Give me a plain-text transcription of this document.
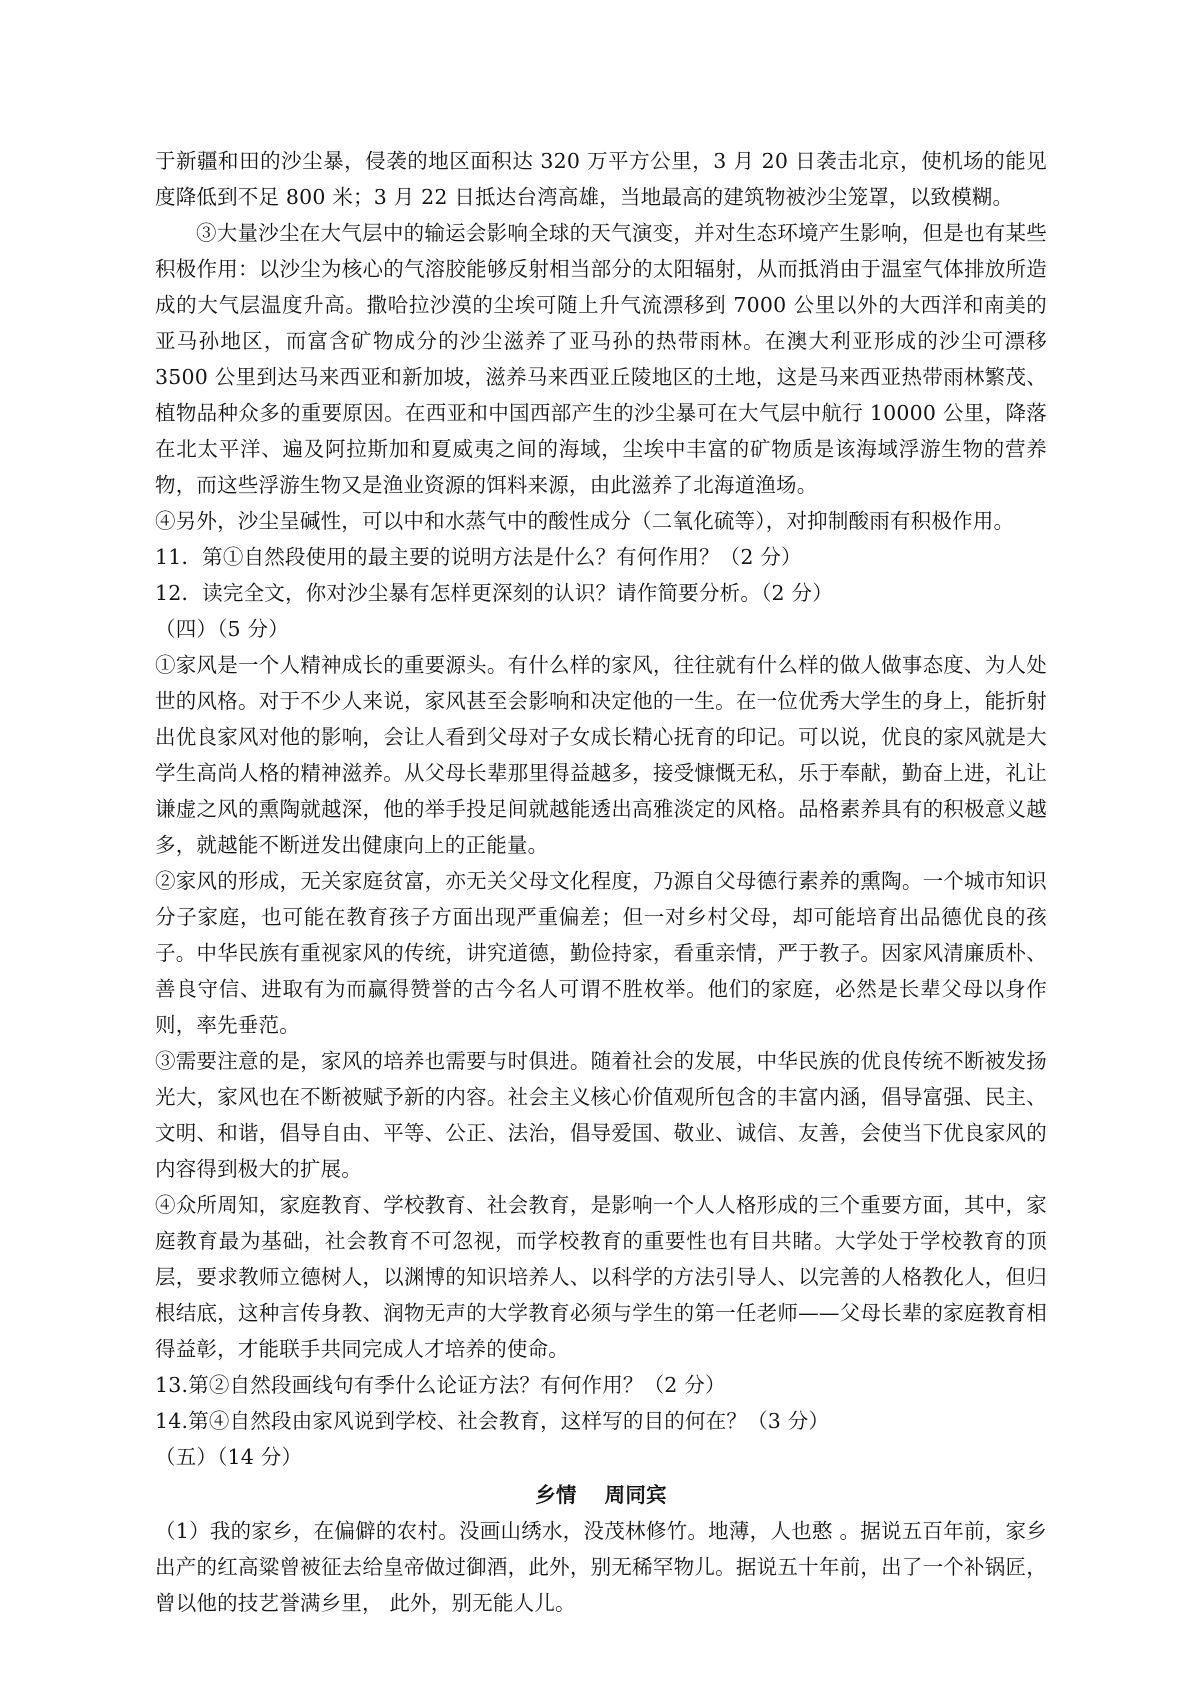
于新疆和田的沙尘暴，侵袭的地区面积达 320 万平方公里，3 月 20 日袭击北京，使机场的能见度降低到不足 800 米；3 月 22 日抵达台湾高雄，当地最高的建筑物被沙尘笼罩，以致模糊。

③大量沙尘在大气层中的输运会影响全球的天气演变，并对生态环境产生影响，但是也有某些积极作用：以沙尘为核心的气溶胶能够反射相当部分的太阳辐射，从而抵消由于温室气体排放所造成的大气层温度升高。撒哈拉沙漠的尘埃可随上升气流漂移到 7000 公里以外的大西洋和南美的亚马孙地区，而富含矿物成分的沙尘滋养了亚马孙的热带雨林。在澳大利亚形成的沙尘可漂移 3500 公里到达马来西亚和新加坡，滋养马来西亚丘陵地区的土地，这是马来西亚热带雨林繁茂、植物品种众多的重要原因。在西亚和中国西部产生的沙尘暴可在大气层中航行 10000 公里，降落在北太平洋、遍及阿拉斯加和夏威夷之间的海域，尘埃中丰富的矿物质是该海域浮游生物的营养物，而这些浮游生物又是渔业资源的饵料来源，由此滋养了北海道渔场。

④另外，沙尘呈碱性，可以中和水蒸气中的酸性成分（二氧化硫等），对抑制酸雨有积极作用。

11．第①自然段使用的最主要的说明方法是什么？有何作用？（2 分）

12．读完全文，你对沙尘暴有怎样更深刻的认识？请作简要分析。（2 分）

（四）（5 分）

①家风是一个人精神成长的重要源头。有什么样的家风，往往就有什么样的做人做事态度、为人处世的风格。对于不少人来说，家风甚至会影响和决定他的一生。在一位优秀大学生的身上，能折射出优良家风对他的影响，会让人看到父母对子女成长精心抚育的印记。可以说，优良的家风就是大学生高尚人格的精神滋养。从父母长辈那里得益越多，接受慷慨无私，乐于奉献，勤奋上进，礼让谦虚之风的熏陶就越深，他的举手投足间就越能透出高雅淡定的风格。品格素养具有的积极意义越多，就越能不断迸发出健康向上的正能量。

②家风的形成，无关家庭贫富，亦无关父母文化程度，乃源自父母德行素养的熏陶。一个城市知识分子家庭，也可能在教育孩子方面出现严重偏差；但一对乡村父母，却可能培育出品德优良的孩子。中华民族有重视家风的传统，讲究道德，勤俭持家，看重亲情，严于教子。因家风清廉质朴、善良守信、进取有为而赢得赞誉的古今名人可谓不胜枚举。他们的家庭，必然是长辈父母以身作则，率先垂范。

③需要注意的是，家风的培养也需要与时俱进。随着社会的发展，中华民族的优良传统不断被发扬光大，家风也在不断被赋予新的内容。社会主义核心价值观所包含的丰富内涵，倡导富强、民主、文明、和谐，倡导自由、平等、公正、法治，倡导爱国、敬业、诚信、友善，会使当下优良家风的内容得到极大的扩展。

④众所周知，家庭教育、学校教育、社会教育，是影响一个人人格形成的三个重要方面，其中，家庭教育最为基础，社会教育不可忽视，而学校教育的重要性也有目共睹。大学处于学校教育的顶层，要求教师立德树人，以渊博的知识培养人、以科学的方法引导人、以完善的人格教化人，但归根结底，这种言传身教、润物无声的大学教育必须与学生的第一任老师——父母长辈的家庭教育相得益彰，才能联手共同完成人才培养的使命。

13.第②自然段画线句有季什么论证方法？有何作用？（2 分）

14.第④自然段由家风说到学校、社会教育，这样写的目的何在？（3 分）

（五）（14 分）

乡情 周同宾

（1）我的家乡，在偏僻的农村。没画山绣水，没茂林修竹。地薄，人也憨 。据说五百年前，家乡出产的红高粱曾被征去给皇帝做过御酒，此外，别无稀罕物儿。据说五十年前，出了一个补锅匠，曾以他的技艺誉满乡里， 此外，别无能人儿。
